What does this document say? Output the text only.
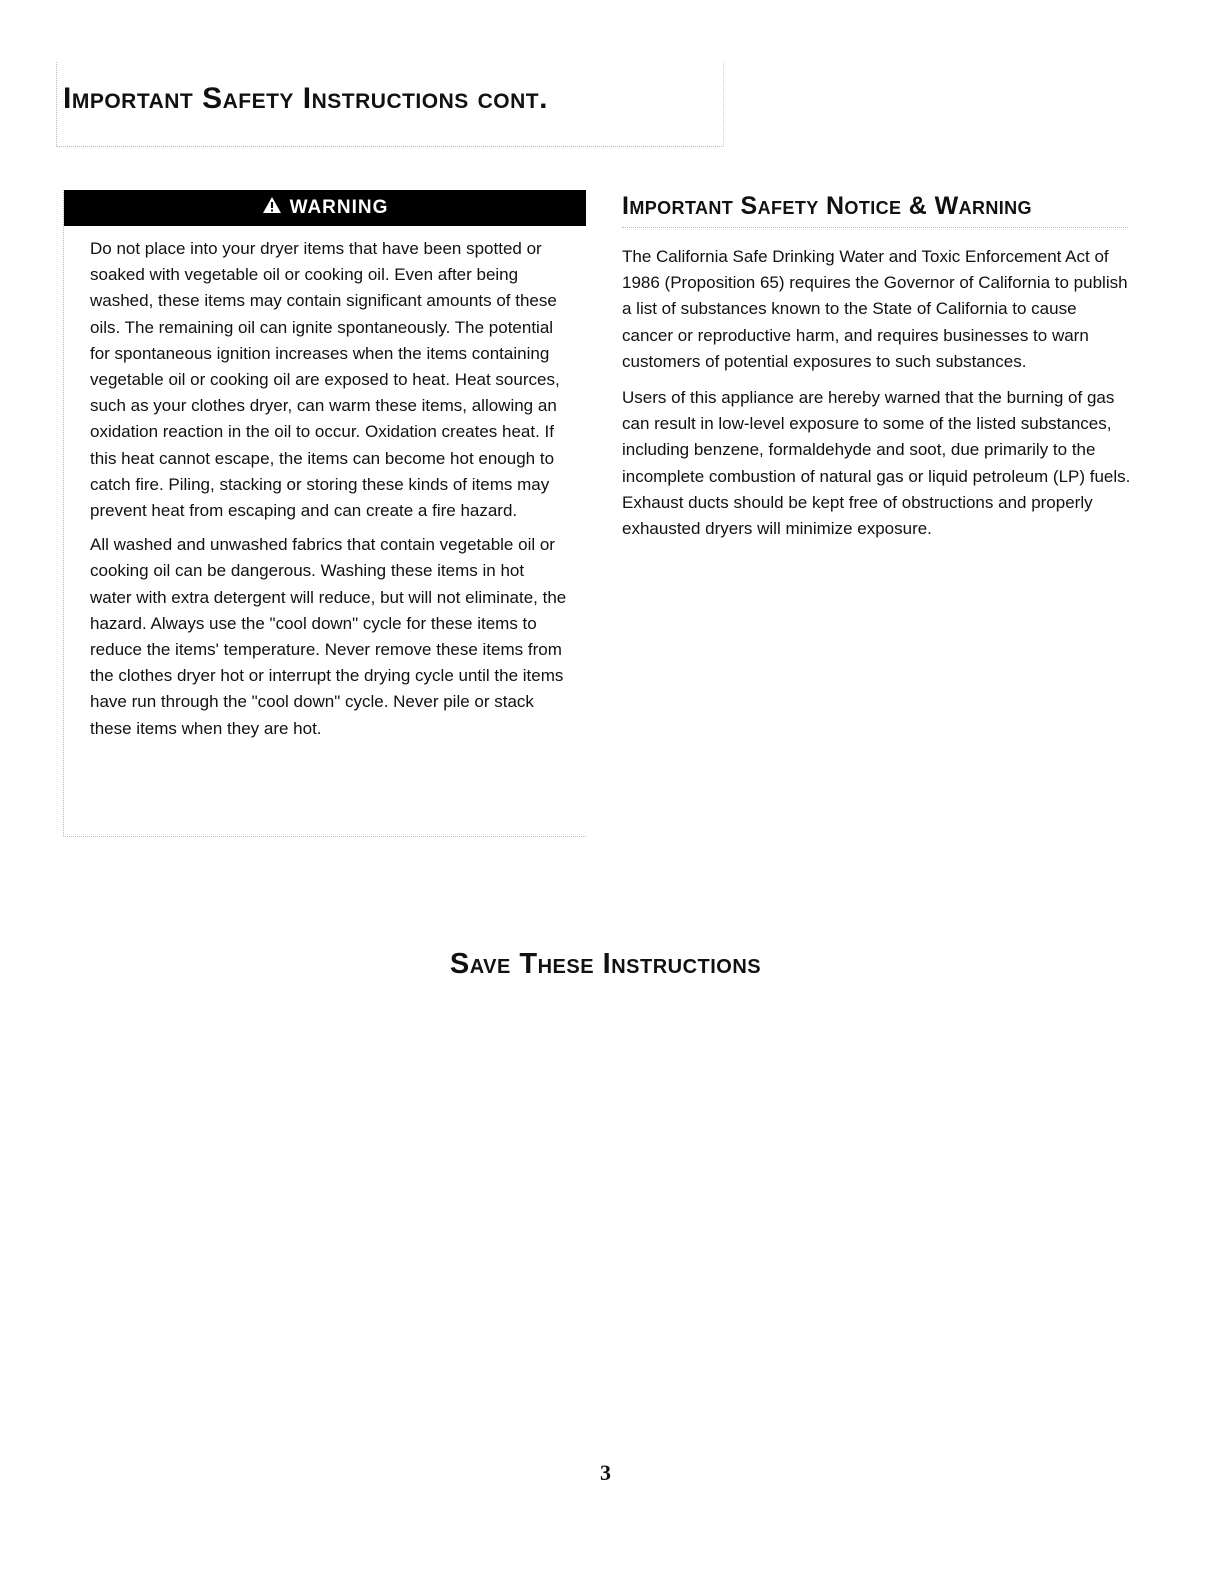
Important Safety Instructions cont.
WARNING

Do not place into your dryer items that have been spotted or soaked with vegetable oil or cooking oil. Even after being washed, these items may contain significant amounts of these oils. The remaining oil can ignite spontaneously. The potential for spontaneous ignition increases when the items containing vegetable oil or cooking oil are exposed to heat. Heat sources, such as your clothes dryer, can warm these items, allowing an oxidation reaction in the oil to occur. Oxidation creates heat. If this heat cannot escape, the items can become hot enough to catch fire. Piling, stacking or storing these kinds of items may prevent heat from escaping and can create a fire hazard.

All washed and unwashed fabrics that contain vegetable oil or cooking oil can be dangerous. Washing these items in hot water with extra detergent will reduce, but will not eliminate, the hazard. Always use the "cool down" cycle for these items to reduce the items' temperature. Never remove these items from the clothes dryer hot or interrupt the drying cycle until the items have run through the "cool down" cycle. Never pile or stack these items when they are hot.

Important Safety Notice & Warning

The California Safe Drinking Water and Toxic Enforcement Act of 1986 (Proposition 65) requires the Governor of California to publish a list of substances known to the State of California to cause cancer or reproductive harm, and requires businesses to warn customers of potential exposures to such substances.

Users of this appliance are hereby warned that the burning of gas can result in low-level exposure to some of the listed substances, including benzene, formaldehyde and soot, due primarily to the incomplete combustion of natural gas or liquid petroleum (LP) fuels. Exhaust ducts should be kept free of obstructions and properly exhausted dryers will minimize exposure.

Save These Instructions
3
